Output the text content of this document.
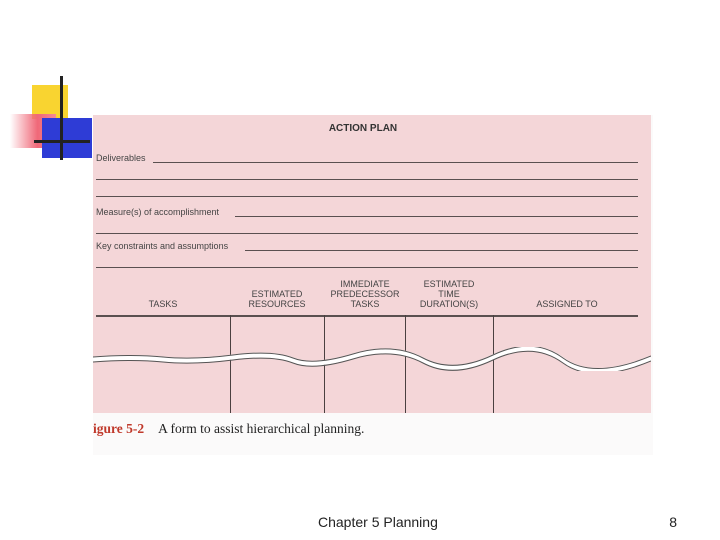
ACTION PLAN
Deliverables
Measure(s) of accomplishment
Key constraints and assumptions
TASKS
ESTIMATED
RESOURCES
IMMEDIATE
PREDECESSOR
TASKS
ESTIMATED
TIME
DURATION(S)	ASSIGNED TO
igure 5-2 A form to assist hierarchical planning.
Chapter 5 Planning	8
